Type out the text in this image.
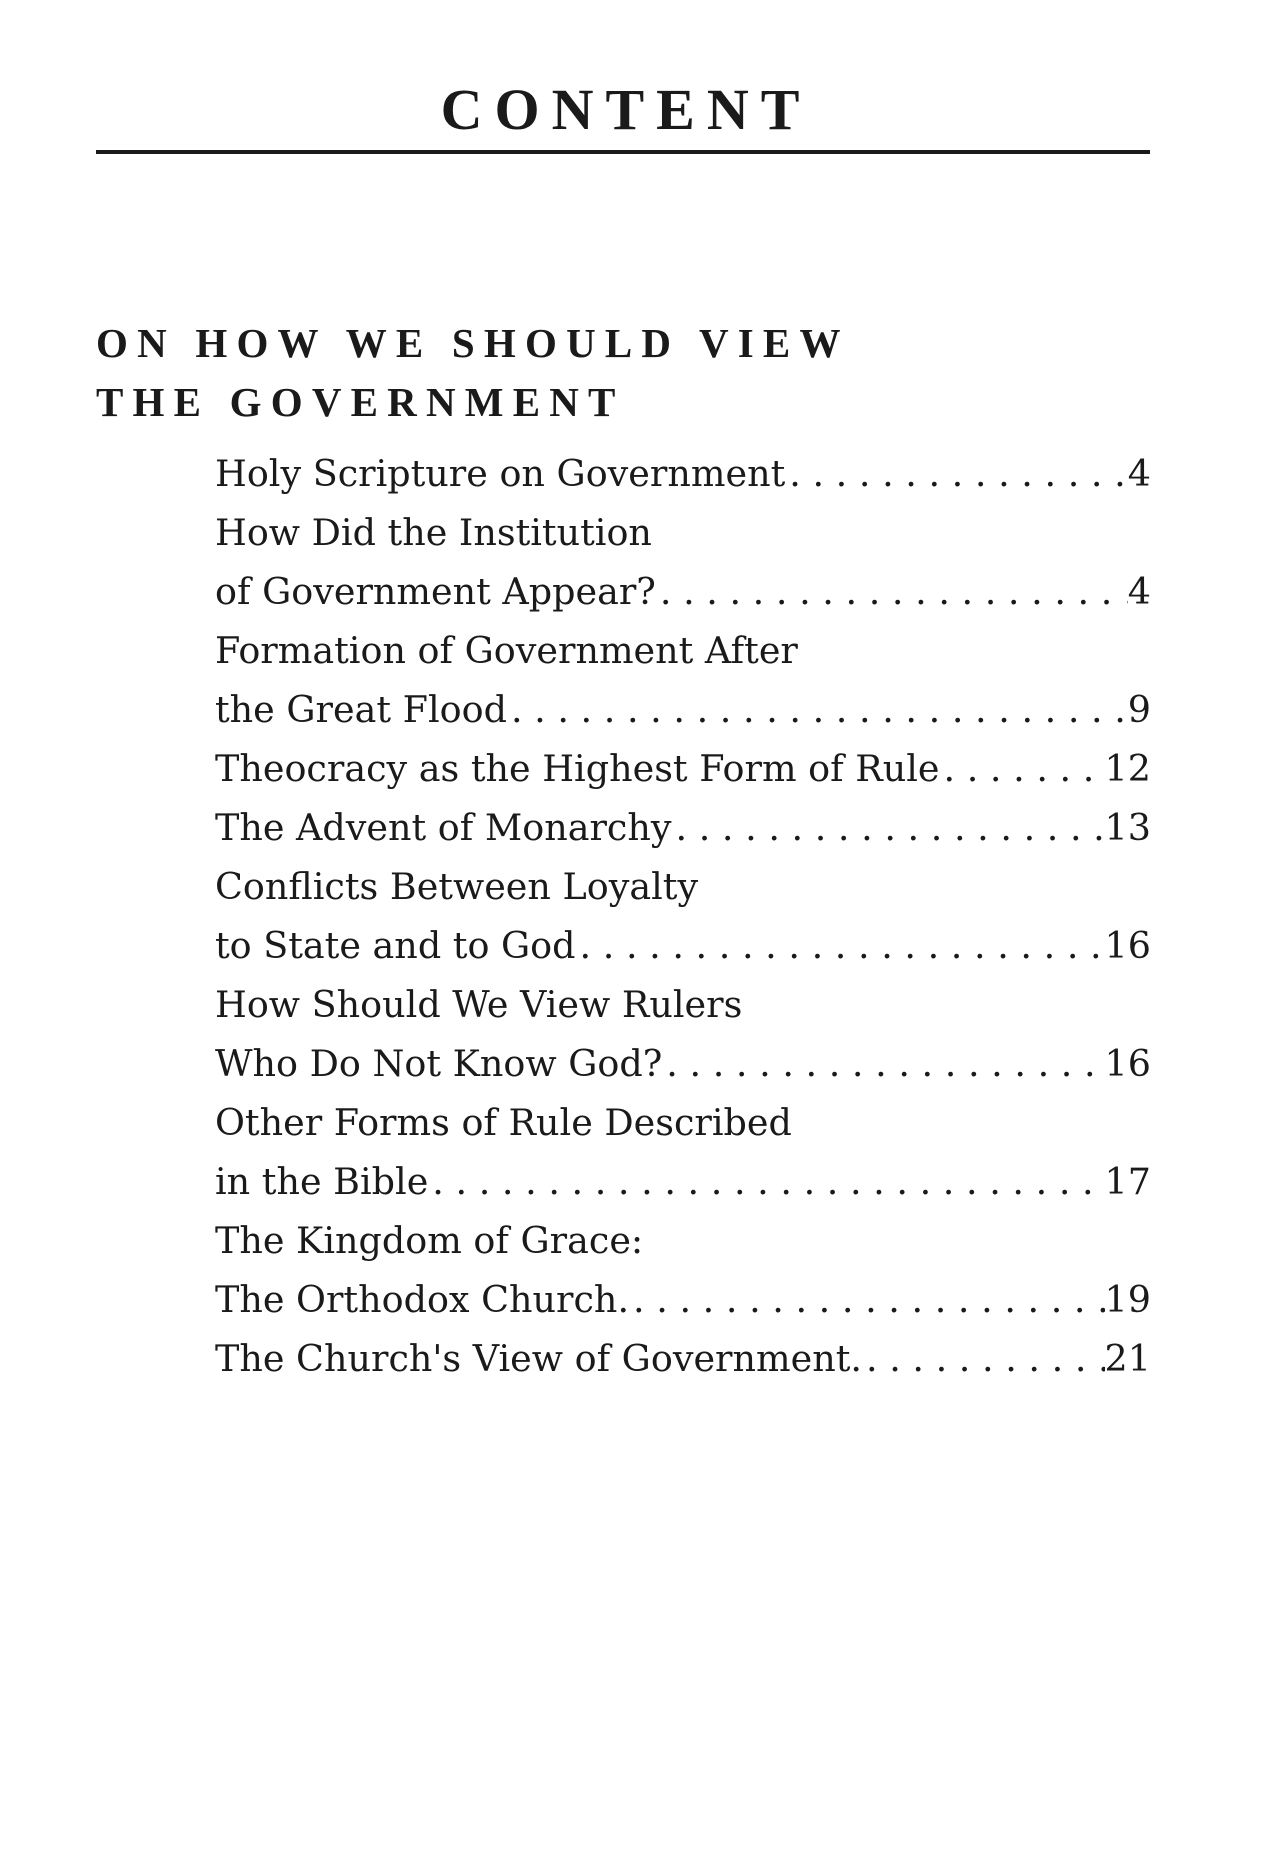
CONTENT
ON HOW WE SHOULD VIEW
THE GOVERNMENT
Holy Scripture on Government . . .	4
How Did the Institution
of Government Appear? . . .	4
Formation of Government After
the Great Flood . . .	9
Theocracy as the Highest Form of Rule . . .	12
The Advent of Monarchy . . .	13
Conflicts Between Loyalty
to State and to God . . .	16
How Should We View Rulers
Who Do Not Know God? . . .	16
Other Forms of Rule Described
in the Bible . . .	17
The Kingdom of Grace:
The Orthodox Church. . . .	19
The Church's View of Government. . . .	21
